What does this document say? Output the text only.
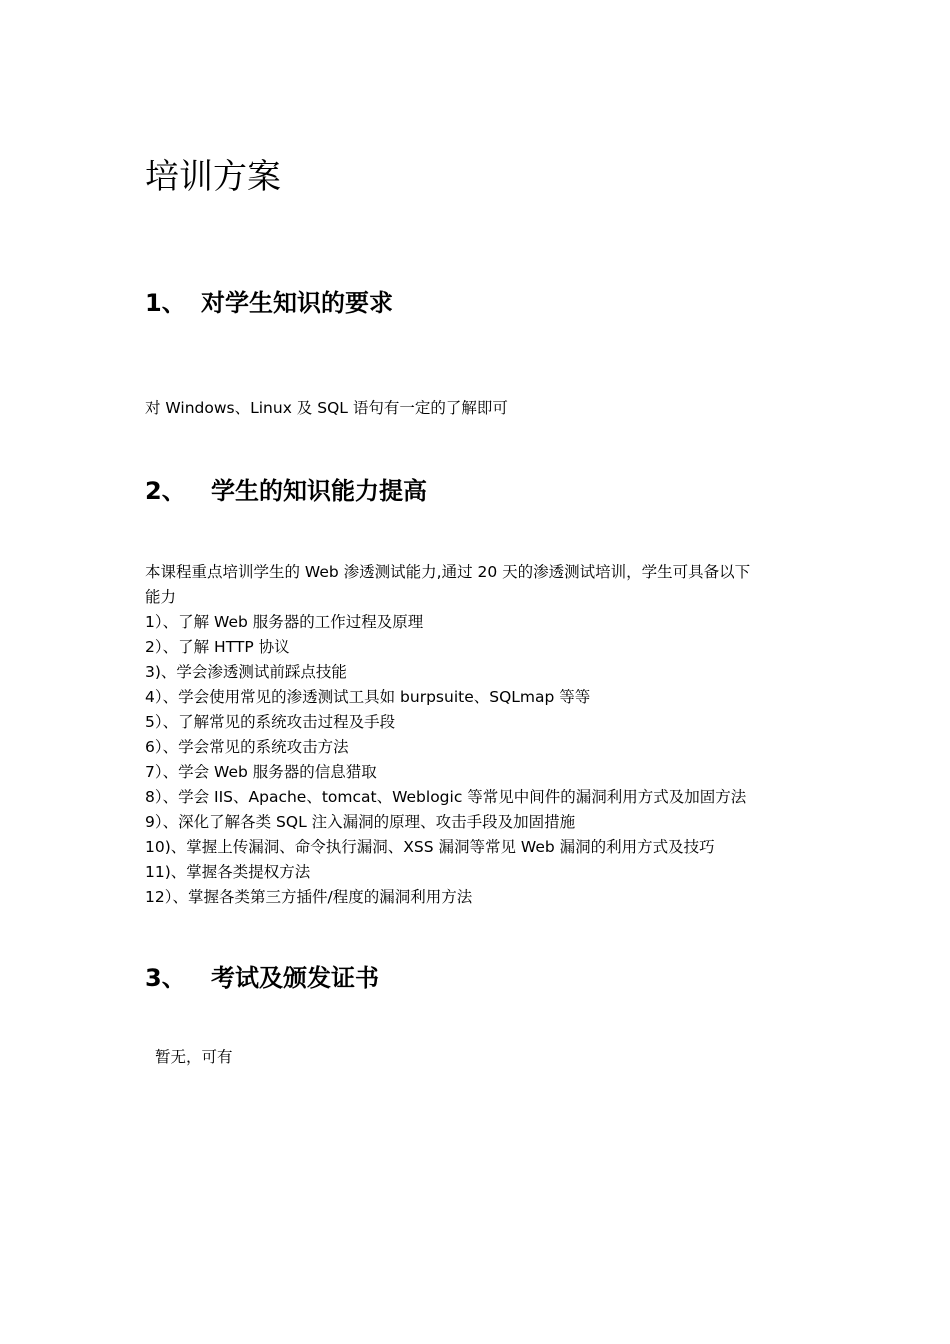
培训方案
1、 对学生知识的要求
对 Windows、Linux 及 SQL 语句有一定的了解即可
2、 学生的知识能力提高
本课程重点培训学生的 Web 渗透测试能力,通过 20 天的渗透测试培训，学生可具备以下
能力
1）、了解 Web 服务器的工作过程及原理
2）、了解 HTTP 协议
3)、学会渗透测试前踩点技能
4）、学会使用常见的渗透测试工具如 burpsuite、SQLmap 等等
5）、了解常见的系统攻击过程及手段
6）、学会常见的系统攻击方法
7）、学会 Web 服务器的信息猎取
8）、学会 IIS、Apache、tomcat、Weblogic 等常见中间件的漏洞利用方式及加固方法
9）、深化了解各类 SQL 注入漏洞的原理、攻击手段及加固措施
10)、掌握上传漏洞、命令执行漏洞、XSS 漏洞等常见 Web 漏洞的利用方式及技巧
11)、掌握各类提权方法
12）、掌握各类第三方插件/程度的漏洞利用方法
3、 考试及颁发证书
暂无，可有
